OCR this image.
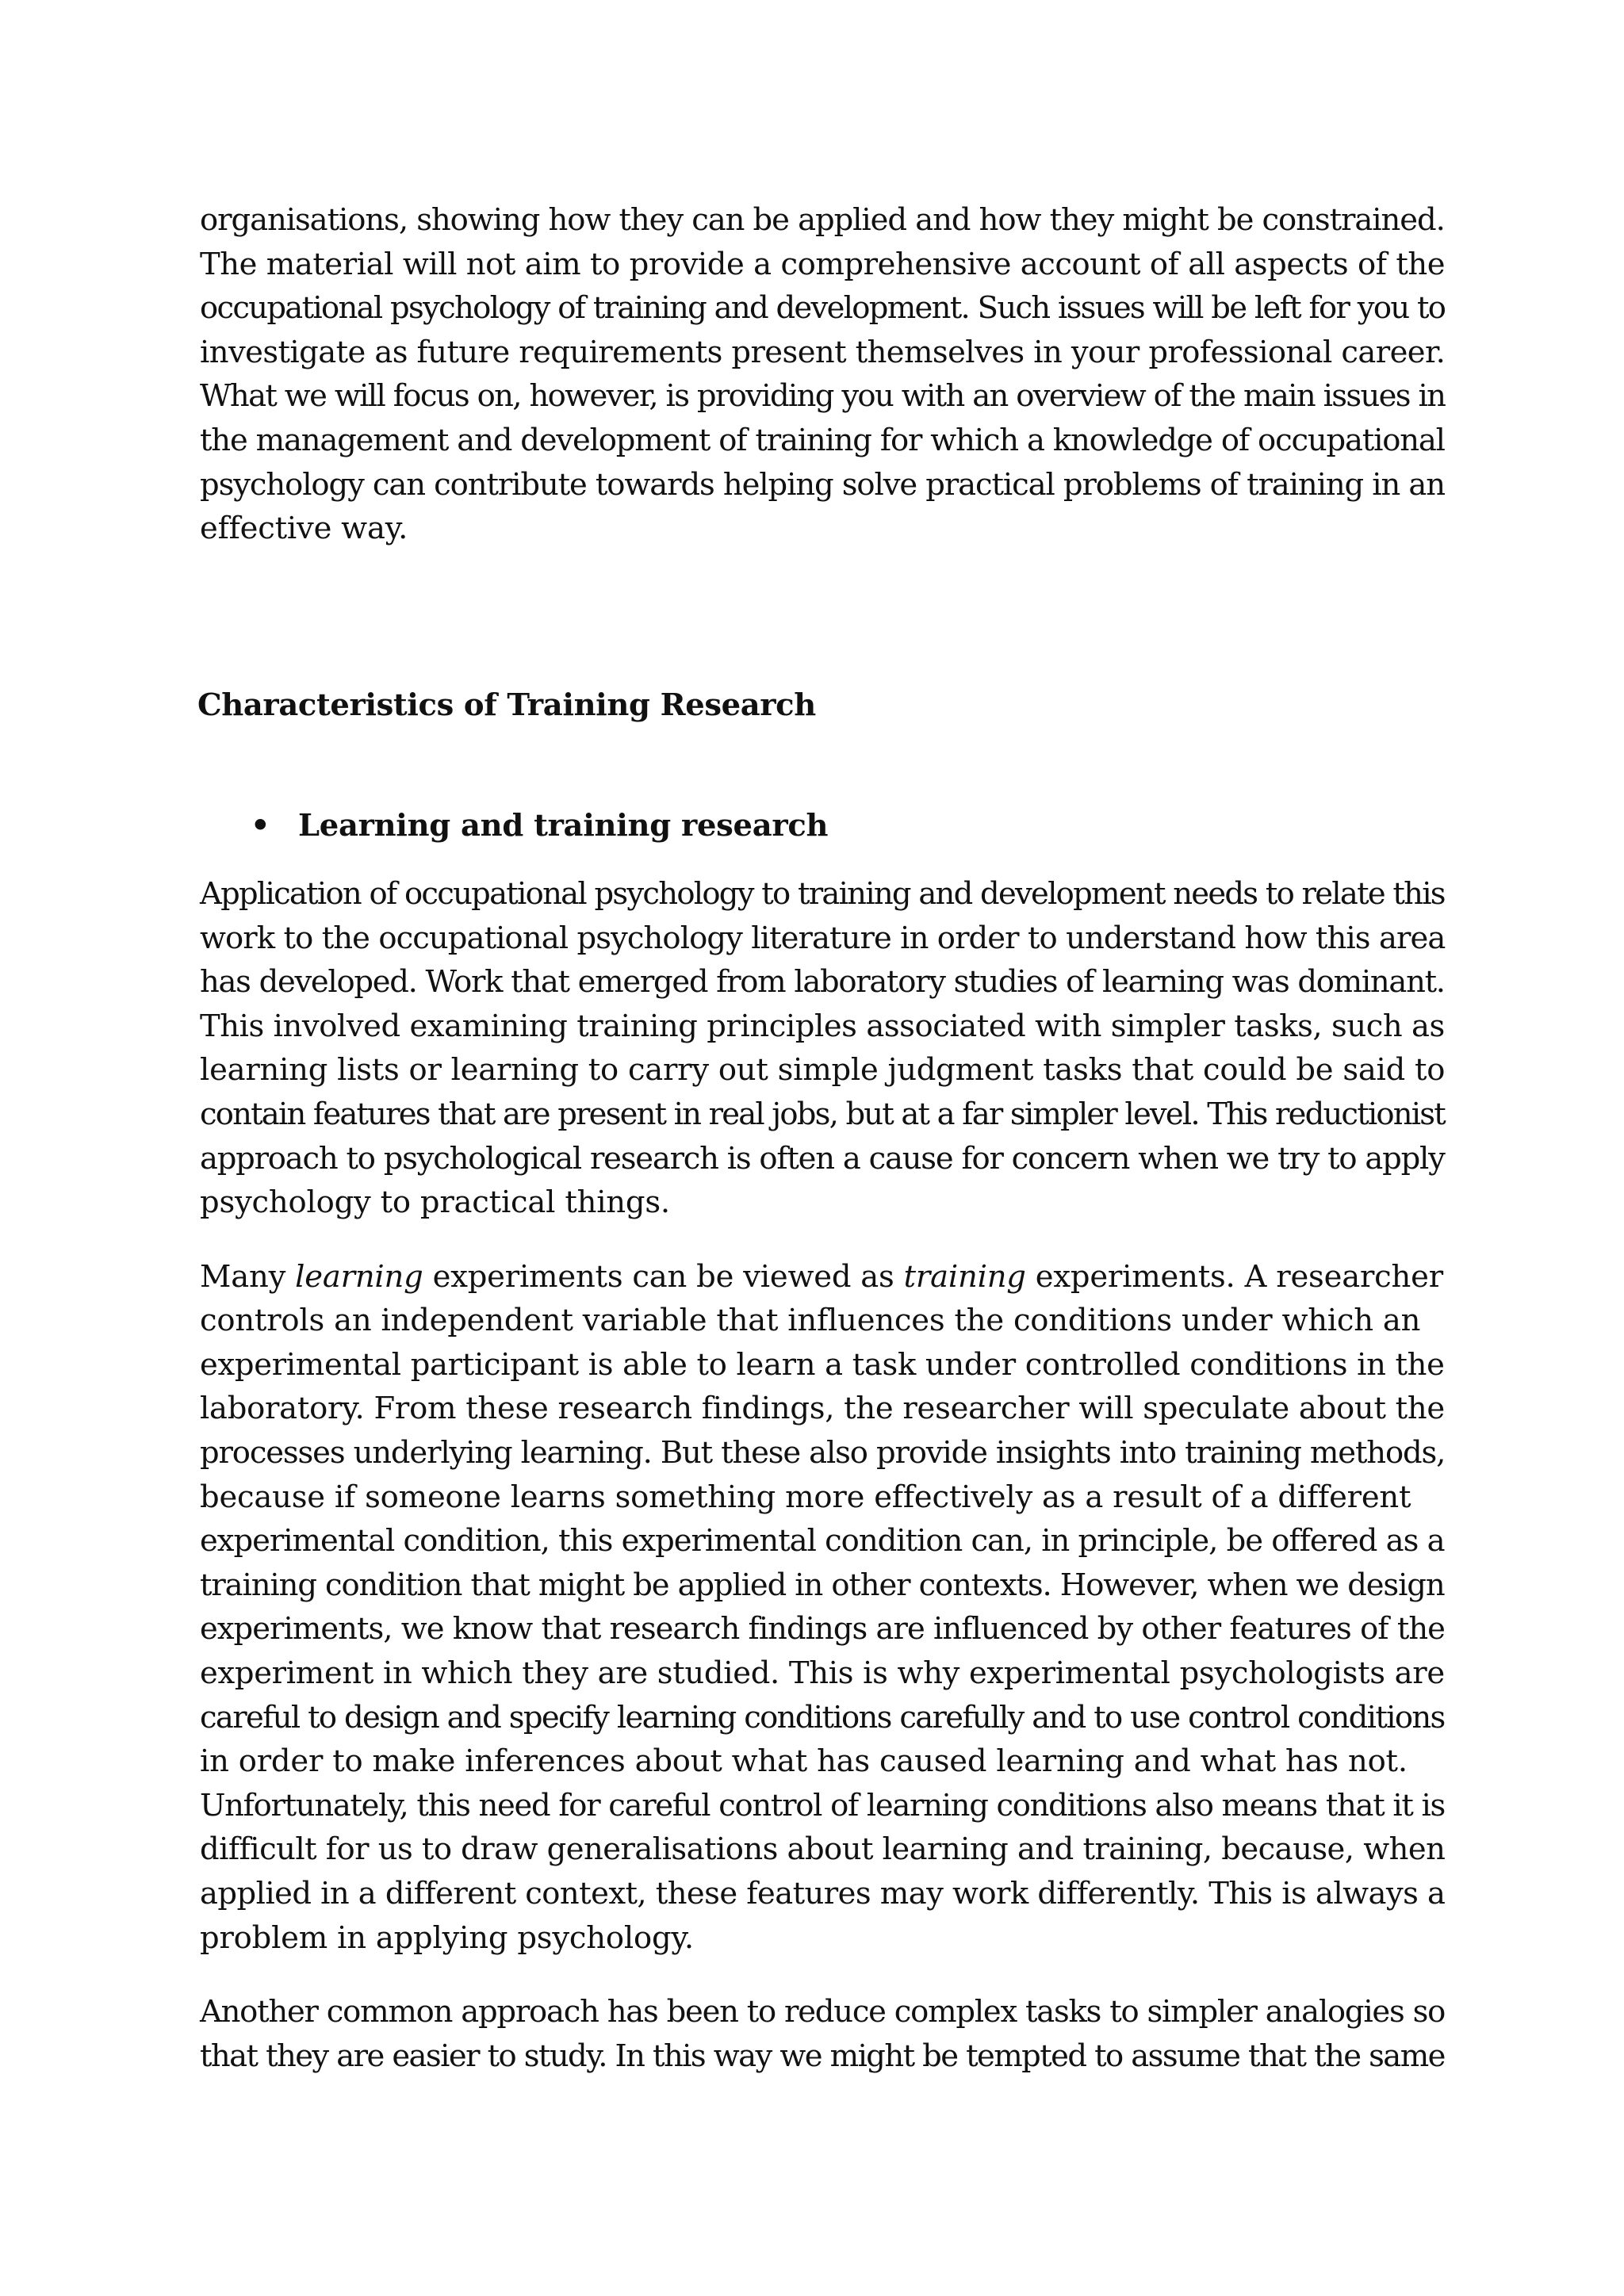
organisations, showing how they can be applied and how they might be constrained.
The material will not aim to provide a comprehensive account of all aspects of the
occupational psychology of training and development. Such issues will be left for you to
investigate as future requirements present themselves in your professional career.
What we will focus on, however, is providing you with an overview of the main issues in
the management and development of training for which a knowledge of occupational
psychology can contribute towards helping solve practical problems of training in an
effective way.

Characteristics of Training Research
• Learning and training research

Application of occupational psychology to training and development needs to relate this
work to the occupational psychology literature in order to understand how this area
has developed. Work that emerged from laboratory studies of learning was dominant.
This involved examining training principles associated with simpler tasks, such as
learning lists or learning to carry out simple judgment tasks that could be said to
contain features that are present in real jobs, but at a far simpler level. This reductionist
approach to psychological research is often a cause for concern when we try to apply
psychology to practical things.

Many learning experiments can be viewed as training experiments. A researcher
controls an independent variable that influences the conditions under which an
experimental participant is able to learn a task under controlled conditions in the
laboratory. From these research findings, the researcher will speculate about the
processes underlying learning. But these also provide insights into training methods,
because if someone learns something more effectively as a result of a different
experimental condition, this experimental condition can, in principle, be offered as a
training condition that might be applied in other contexts. However, when we design
experiments, we know that research findings are influenced by other features of the
experiment in which they are studied. This is why experimental psychologists are
careful to design and specify learning conditions carefully and to use control conditions
in order to make inferences about what has caused learning and what has not.
Unfortunately, this need for careful control of learning conditions also means that it is
difficult for us to draw generalisations about learning and training, because, when
applied in a different context, these features may work differently. This is always a
problem in applying psychology.

Another common approach has been to reduce complex tasks to simpler analogies so
that they are easier to study. In this way we might be tempted to assume that the same
